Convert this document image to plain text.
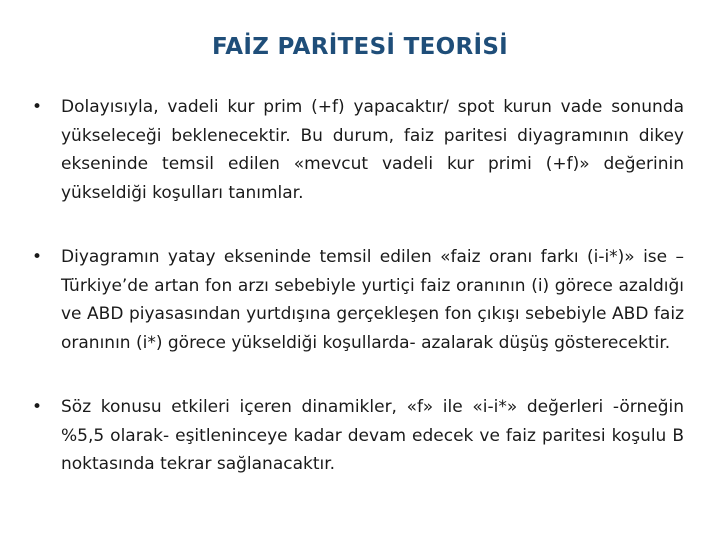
FAİZ PARİTESİ TEORİSİ
• Dolayısıyla, vadeli kur prim (+f) yapacaktır/ spot kurun vade sonunda yükseleceği beklenecektir. Bu durum, faiz paritesi diyagramının dikey ekseninde temsil edilen «mevcut vadeli kur primi (+f)» değerinin yükseldiği koşulları tanımlar.
• Diyagramın yatay ekseninde temsil edilen «faiz oranı farkı (i-i*)» ise –Türkiye’de artan fon arzı sebebiyle yurtiçi faiz oranının (i) görece azaldığı ve ABD piyasasından yurtdışına gerçekleşen fon çıkışı sebebiyle ABD faiz oranının (i*) görece yükseldiği koşullarda- azalarak düşüş gösterecektir.
• Söz konusu etkileri içeren dinamikler, «f» ile «i-i*» değerleri -örneğin %5,5 olarak- eşitleninceye kadar devam edecek ve faiz paritesi koşulu B noktasında tekrar sağlanacaktır.
